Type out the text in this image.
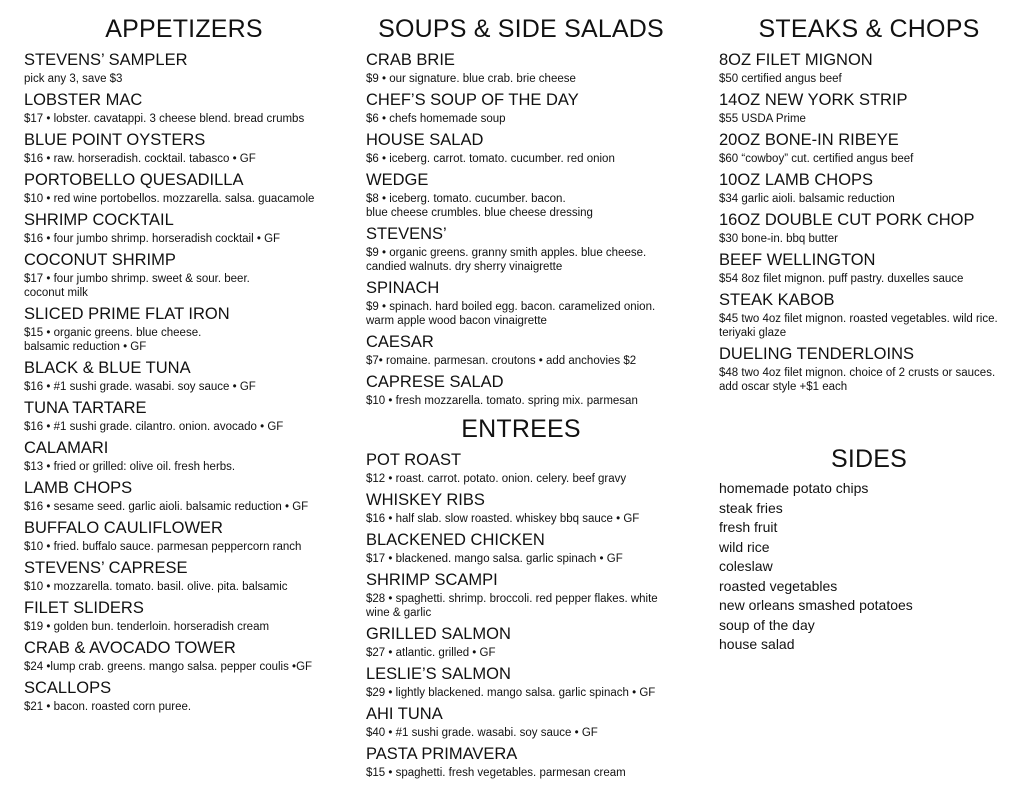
APPETIZERS
STEVENS’ SAMPLER
pick any 3, save $3
LOBSTER MAC
$17 • lobster. cavatappi. 3 cheese blend. bread crumbs
BLUE POINT OYSTERS
$16 • raw. horseradish. cocktail. tabasco • GF
PORTOBELLO QUESADILLA
$10 • red wine portobellos. mozzarella. salsa. guacamole
SHRIMP COCKTAIL
$16 • four jumbo shrimp. horseradish cocktail • GF
COCONUT SHRIMP
$17 • four jumbo shrimp. sweet & sour. beer.
coconut milk
SLICED PRIME FLAT IRON
$15 • organic greens. blue cheese.
balsamic reduction • GF
BLACK & BLUE TUNA
$16 • #1 sushi grade. wasabi. soy sauce • GF
TUNA TARTARE
$16 • #1 sushi grade. cilantro. onion. avocado • GF
CALAMARI
$13 • fried or grilled: olive oil. fresh herbs.
LAMB CHOPS
$16 • sesame seed. garlic aioli. balsamic reduction • GF
BUFFALO CAULIFLOWER
$10 • fried. buffalo sauce. parmesan peppercorn ranch
STEVENS’ CAPRESE
$10 • mozzarella. tomato. basil. olive. pita. balsamic
FILET SLIDERS
$19 • golden bun. tenderloin. horseradish cream
CRAB & AVOCADO TOWER
$24 •lump crab. greens. mango salsa. pepper coulis •GF
SCALLOPS
$21 • bacon. roasted corn puree.
SOUPS & SIDE SALADS
CRAB BRIE
$9 • our signature. blue crab. brie cheese
CHEF’S SOUP OF THE DAY
$6 • chefs homemade soup
HOUSE SALAD
$6 • iceberg. carrot. tomato. cucumber. red onion
WEDGE
$8 • iceberg. tomato. cucumber. bacon.
blue cheese crumbles. blue cheese dressing
STEVENS’
$9 • organic greens. granny smith apples. blue cheese.
candied walnuts. dry sherry vinaigrette
SPINACH
$9 • spinach. hard boiled egg. bacon. caramelized onion.
warm apple wood bacon vinaigrette
CAESAR
$7• romaine. parmesan. croutons • add anchovies $2
CAPRESE SALAD
$10 • fresh mozzarella. tomato. spring mix. parmesan
ENTREES
POT ROAST
$12 • roast. carrot. potato. onion. celery. beef gravy
WHISKEY RIBS
$16 • half slab. slow roasted. whiskey bbq sauce • GF
BLACKENED CHICKEN
$17 • blackened. mango salsa. garlic spinach • GF
SHRIMP SCAMPI
$28 • spaghetti. shrimp. broccoli. red pepper flakes. white
wine & garlic
GRILLED SALMON
$27 • atlantic. grilled • GF
LESLIE’S SALMON
$29 • lightly blackened. mango salsa. garlic spinach • GF
AHI TUNA
$40 • #1 sushi grade. wasabi. soy sauce • GF
PASTA PRIMAVERA
$15 • spaghetti. fresh vegetables. parmesan cream
STEAKS & CHOPS
8OZ FILET MIGNON
$50 certified angus beef
14OZ NEW YORK STRIP
$55 USDA Prime
20OZ BONE-IN RIBEYE
$60 “cowboy” cut. certified angus beef
10OZ LAMB CHOPS
$34 garlic aioli. balsamic reduction
16OZ DOUBLE CUT PORK CHOP
$30 bone-in. bbq butter
BEEF WELLINGTON
$54 8oz filet mignon. puff pastry. duxelles sauce
STEAK KABOB
$45 two 4oz filet mignon. roasted vegetables. wild rice.
teriyaki glaze
DUELING TENDERLOINS
$48 two 4oz filet mignon. choice of 2 crusts or sauces.
add oscar style +$1 each
SIDES
homemade potato chips
steak fries
fresh fruit
wild rice
coleslaw
roasted vegetables
new orleans smashed potatoes
soup of the day
house salad
